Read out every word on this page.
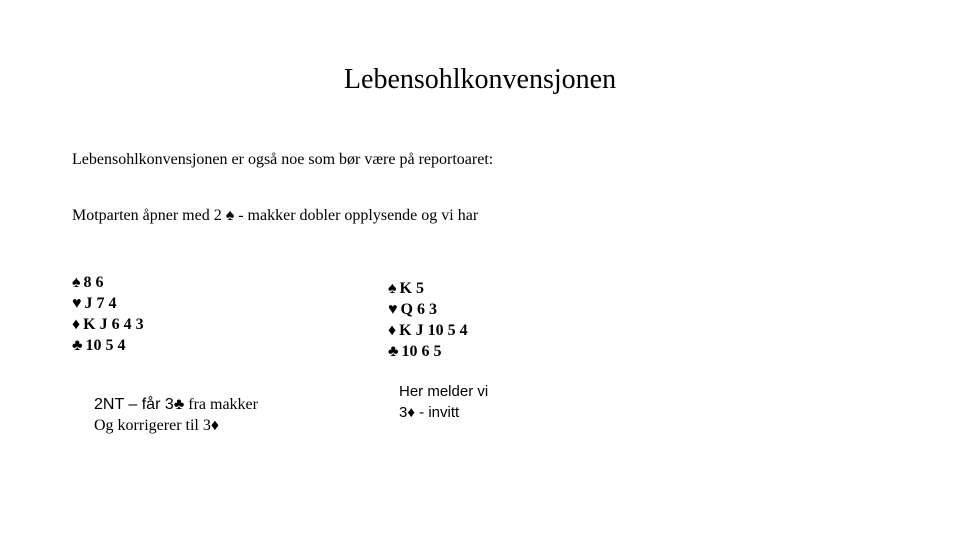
Lebensohlkonvensjonen
Lebensohlkonvensjonen er også noe som bør være på reportoaret:
Motparten åpner med 2 ♠ - makker dobler opplysende og vi har
♠ 8 6
♥ J 7 4
♦ K J 6 4 3
♣ 10 5 4
♠ K 5
♥ Q 6 3
♦ K J 10 5 4
♣ 10 6 5
2NT – får 3♣ fra makker
Og korrigerer til 3♦
Her melder vi
3♦ - invitt
